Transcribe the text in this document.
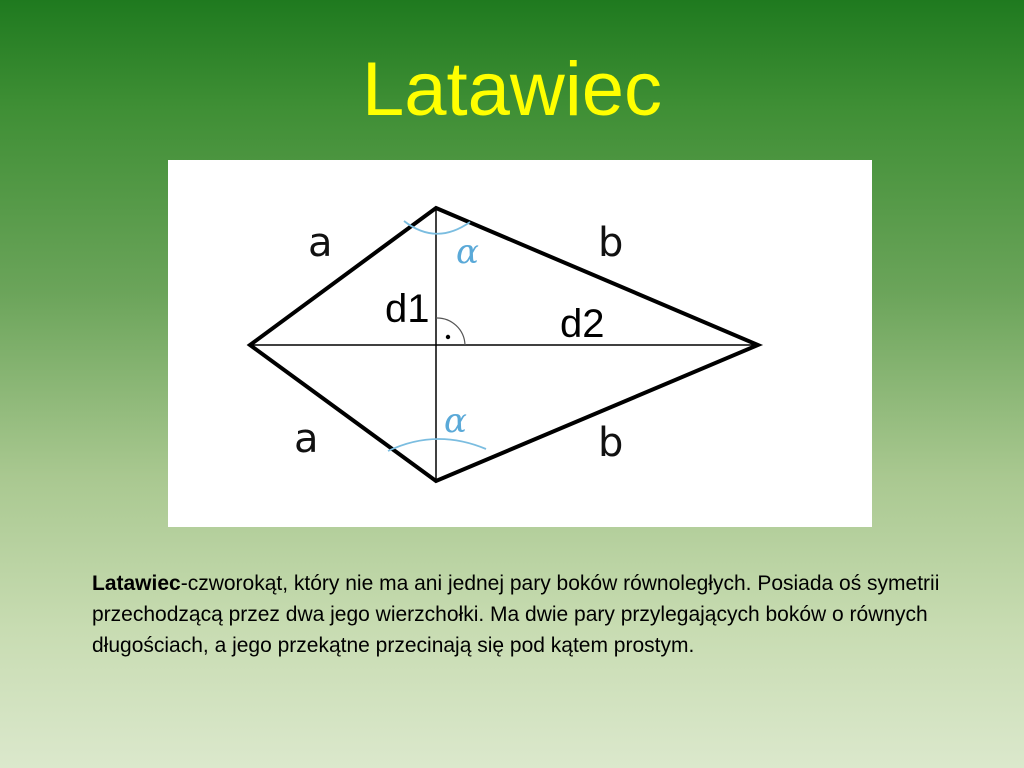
Latawiec
a
a
b
b
d1	d2
α
α
Latawiec-czworokąt, który nie ma ani jednej pary boków równoległych. Posiada oś symetrii przechodzącą przez dwa jego wierzchołki. Ma dwie pary przylegających boków o równych długościach, a jego przekątne przecinają się pod kątem prostym.
